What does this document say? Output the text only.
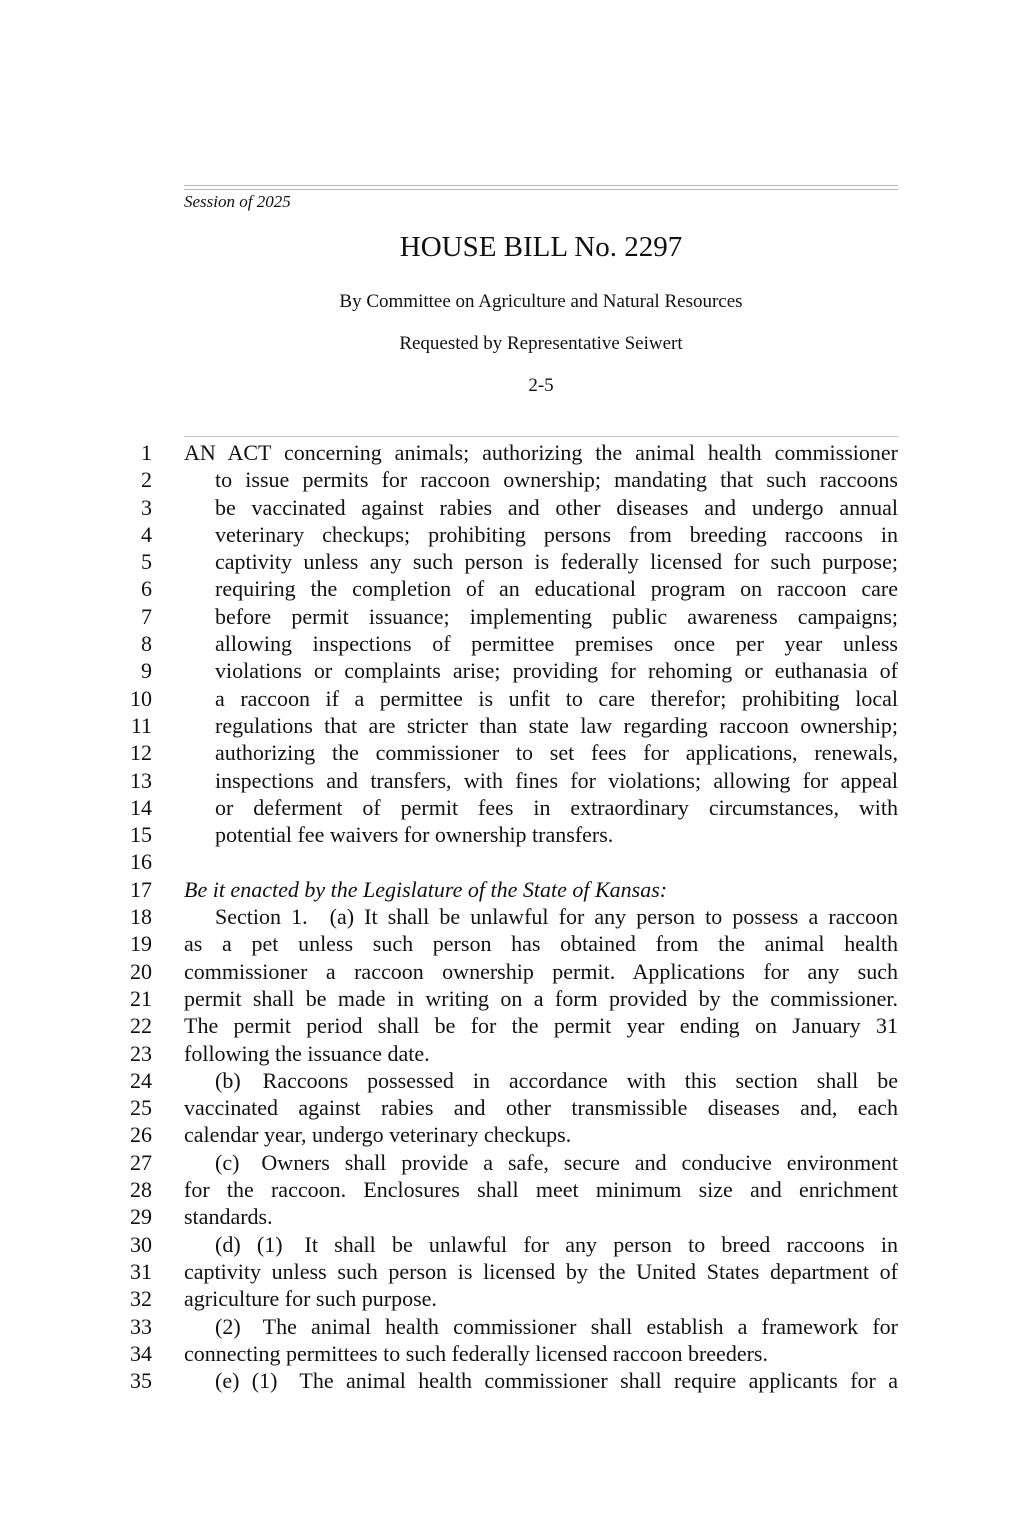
Session of 2025
HOUSE BILL No. 2297
By Committee on Agriculture and Natural Resources
Requested by Representative Seiwert
2-5
1
2
3
4
5
6
7
8
9
10
11
12
13
14
15
16
17
18
19
20
21
22
23
24
25
26
27
28
29
30
31
32
33
34
35
AN ACT concerning animals; authorizing the animal health commissioner
to issue permits for raccoon ownership; mandating that such raccoons
be vaccinated against rabies and other diseases and undergo annual
veterinary checkups; prohibiting persons from breeding raccoons in
captivity unless any such person is federally licensed for such purpose;
requiring the completion of an educational program on raccoon care
before permit issuance; implementing public awareness campaigns;
allowing inspections of permittee premises once per year unless
violations or complaints arise; providing for rehoming or euthanasia of
a raccoon if a permittee is unfit to care therefor; prohibiting local
regulations that are stricter than state law regarding raccoon ownership;
authorizing the commissioner to set fees for applications, renewals,
inspections and transfers, with fines for violations; allowing for appeal
or deferment of permit fees in extraordinary circumstances, with
potential fee waivers for ownership transfers.
Be it enacted by the Legislature of the State of Kansas:
Section 1. (a) It shall be unlawful for any person to possess a raccoon
as a pet unless such person has obtained from the animal health
commissioner a raccoon ownership permit. Applications for any such
permit shall be made in writing on a form provided by the commissioner.
The permit period shall be for the permit year ending on January 31
following the issuance date.
(b) Raccoons possessed in accordance with this section shall be
vaccinated against rabies and other transmissible diseases and, each
calendar year, undergo veterinary checkups.
(c) Owners shall provide a safe, secure and conducive environment
for the raccoon. Enclosures shall meet minimum size and enrichment
standards.
(d) (1) It shall be unlawful for any person to breed raccoons in
captivity unless such person is licensed by the United States department of
agriculture for such purpose.
(2) The animal health commissioner shall establish a framework for
connecting permittees to such federally licensed raccoon breeders.
(e) (1) The animal health commissioner shall require applicants for a
